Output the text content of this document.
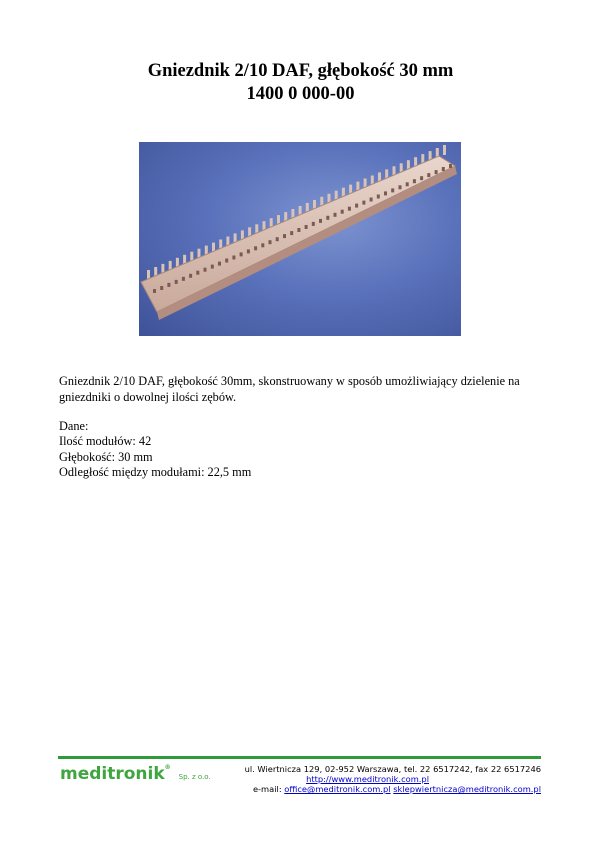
Gniezdnik 2/10 DAF, głębokość 30 mm
1400 0 000-00

Gniezdnik 2/10 DAF, głębokość 30mm, skonstruowany w sposób umożliwiający dzielenie na gniezdniki o dowolnej ilości zębów.

Dane:
Ilość modułów: 42
Głębokość: 30 mm
Odległość między modułami: 22,5 mm
meditronik®Sp. z o.o.
ul. Wiertnicza 129, 02-952 Warszawa, tel. 22 6517242, fax 22 6517246
http://www.meditronik.com.pl
e-mail: office@meditronik.com.pl sklepwiertnicza@meditronik.com.pl
